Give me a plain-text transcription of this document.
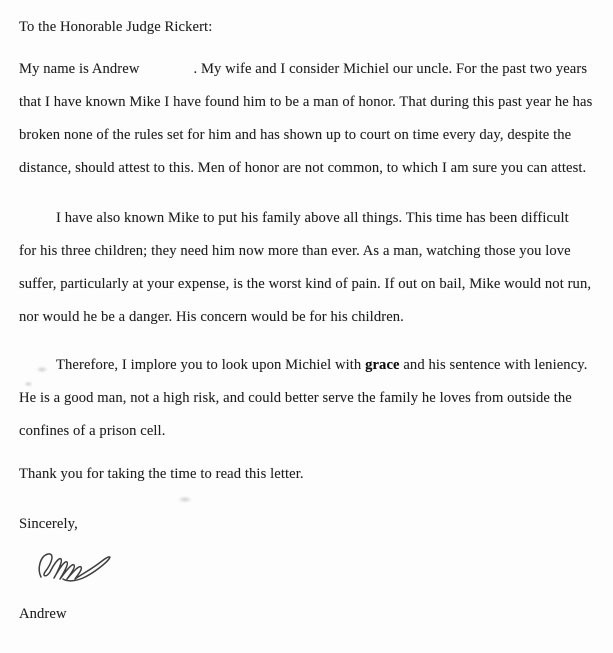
To the Honorable Judge Rickert:
My name is Andrew	. My wife and I consider Michiel our uncle. For the past two years
that I have known Mike I have found him to be a man of honor. That during this past year he has
broken none of the rules set for him and has shown up to court on time every day, despite the
distance, should attest to this. Men of honor are not common, to which I am sure you can attest.
I have also known Mike to put his family above all things. This time has been difficult
for his three children; they need him now more than ever. As a man, watching those you love
suffer, particularly at your expense, is the worst kind of pain. If out on bail, Mike would not run,
nor would he be a danger. His concern would be for his children.
Therefore, I implore you to look upon Michiel with grace and his sentence with leniency.
He is a good man, not a high risk, and could better serve the family he loves from outside the
confines of a prison cell.
Thank you for taking the time to read this letter.
Sincerely,
Andrew
